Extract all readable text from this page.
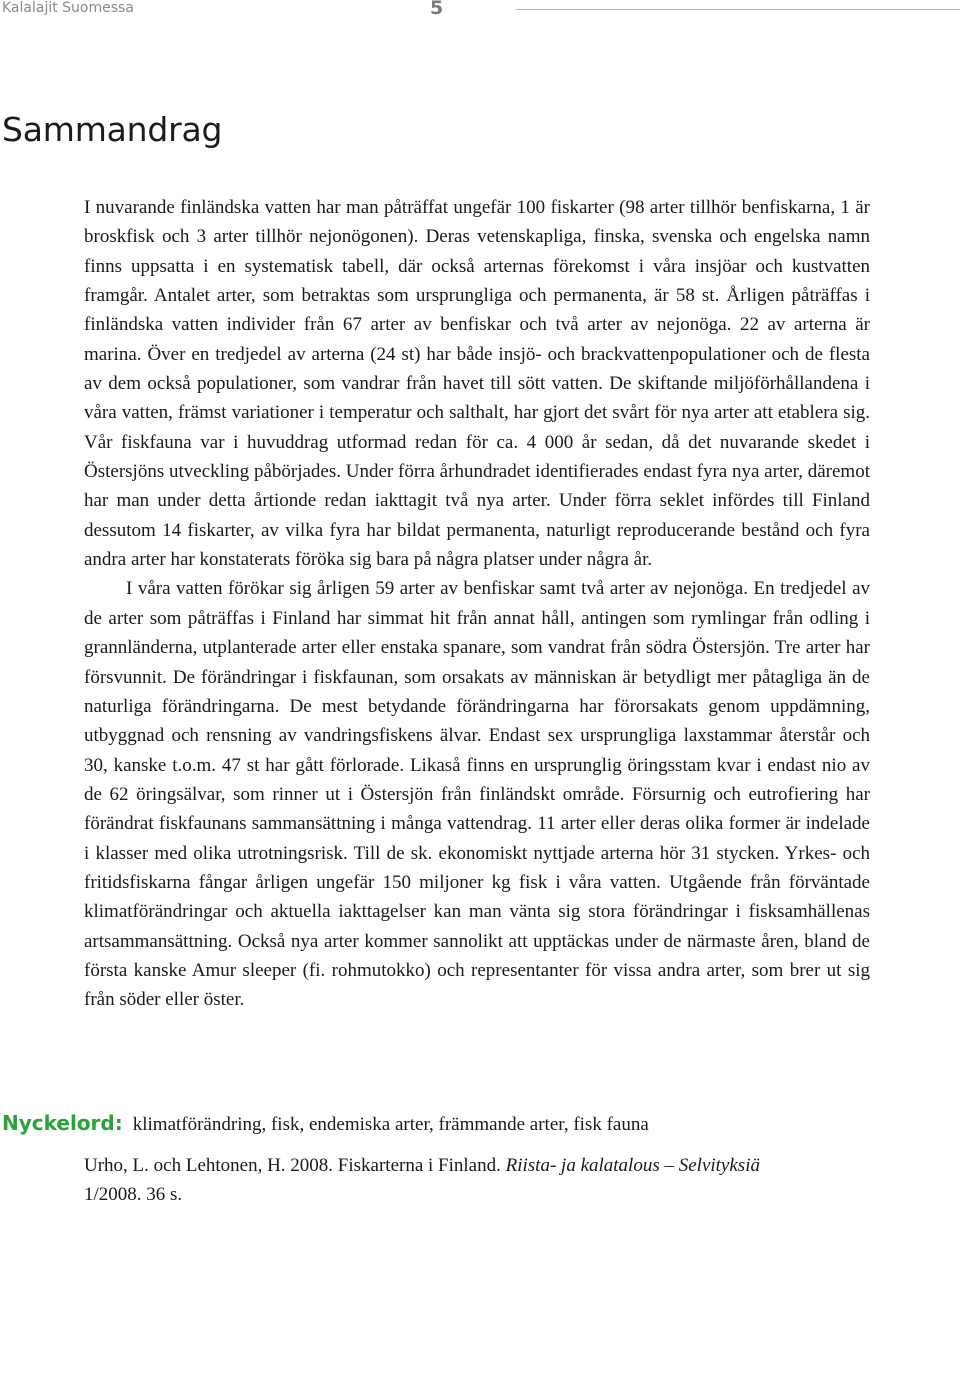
Kalalajit Suomessa	5
Sammandrag

I nuvarande finländska vatten har man påträffat ungefär 100 fiskarter (98 arter tillhör benfiskarna, 1 är broskfisk och 3 arter tillhör nejonögonen). Deras vetenskapliga, finska, svenska och engelska namn finns uppsatta i en systematisk tabell, där också arternas förekomst i våra insjöar och kustvatten framgår. Antalet arter, som betraktas som ursprungliga och permanenta, är 58 st. Årligen påträffas i finländska vatten individer från 67 arter av benfiskar och två arter av nejonöga. 22 av arterna är marina. Över en tredjedel av arterna (24 st) har både insjö- och brackvattenpopulationer och de flesta av dem också populationer, som vandrar från havet till sött vatten. De skiftande miljöförhållandena i våra vatten, främst variationer i temperatur och salthalt, har gjort det svårt för nya arter att etablera sig. Vår fiskfauna var i huvuddrag utformad redan för ca. 4 000 år sedan, då det nuvarande skedet i Östersjöns utveckling påbörjades. Under förra århundradet identifierades endast fyra nya arter, däremot har man under detta årtionde redan iakttagit två nya arter. Under förra seklet infördes till Finland dessutom 14 fiskarter, av vilka fyra har bildat permanenta, naturligt reproducerande bestånd och fyra andra arter har konstaterats föröka sig bara på några platser under några år.

I våra vatten förökar sig årligen 59 arter av benfiskar samt två arter av nejonöga. En tredjedel av de arter som påträffas i Finland har simmat hit från annat håll, antingen som rymlingar från odling i grannländerna, utplanterade arter eller enstaka spanare, som vandrat från södra Östersjön. Tre arter har försvunnit. De förändringar i fiskfaunan, som orsakats av människan är betydligt mer påtagliga än de naturliga förändringarna. De mest betydande förändringarna har förorsakats genom uppdämning, utbyggnad och rensning av vandringsfiskens älvar. Endast sex ursprungliga laxstammar återstår och 30, kanske t.o.m. 47 st har gått förlorade. Likaså finns en ursprunglig öringsstam kvar i endast nio av de 62 öringsälvar, som rinner ut i Östersjön från finländskt område. Försurnig och eutrofiering har förändrat fiskfaunans sammansättning i många vattendrag. 11 arter eller deras olika former är indelade i klasser med olika utrotningsrisk. Till de sk. ekonomiskt nyttjade arterna hör 31 stycken. Yrkes- och fritidsfiskarna fångar årligen ungefär 150 miljoner kg fisk i våra vatten. Utgående från förväntade klimatförändringar och aktuella iakttagelser kan man vänta sig stora förändringar i fisksamhällenas artsammansättning. Också nya arter kommer sannolikt att upptäckas under de närmaste åren, bland de första kanske Amur sleeper (fi. rohmutokko) och representanter för vissa andra arter, som brer ut sig från söder eller öster.

Nyckelord: klimatförändring, fisk, endemiska arter, främmande arter, fisk fauna
Urho, L. och Lehtonen, H. 2008. Fiskarterna i Finland. Riista- ja kalatalous – Selvityksiä
1/2008. 36 s.
